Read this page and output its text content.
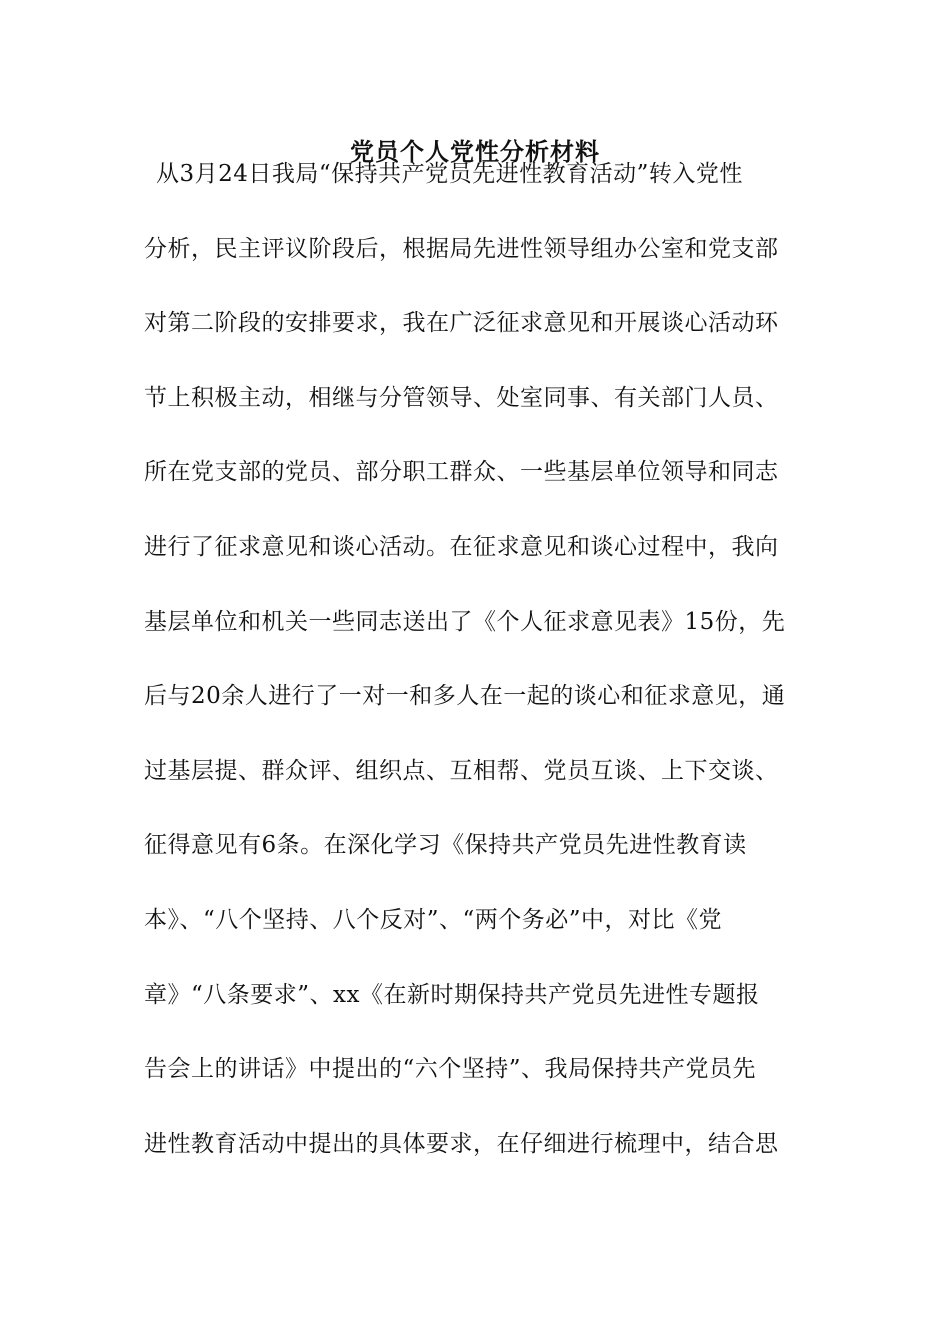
党员个人党性分析材料
从3月24日我局“保持共产党员先进性教育活动”转入党性
分析，民主评议阶段后，根据局先进性领导组办公室和党支部
对第二阶段的安排要求，我在广泛征求意见和开展谈心活动环
节上积极主动，相继与分管领导、处室同事、有关部门人员、
所在党支部的党员、部分职工群众、一些基层单位领导和同志
进行了征求意见和谈心活动。在征求意见和谈心过程中，我向
基层单位和机关一些同志送出了《个人征求意见表》15份，先
后与20余人进行了一对一和多人在一起的谈心和征求意见，通
过基层提、群众评、组织点、互相帮、党员互谈、上下交谈、
征得意见有6条。在深化学习《保持共产党员先进性教育读
本》、“八个坚持、八个反对”、“两个务必”中，对比《党
章》“八条要求”、xx《在新时期保持共产党员先进性专题报
告会上的讲话》中提出的“六个坚持”、我局保持共产党员先
进性教育活动中提出的具体要求，在仔细进行梳理中，结合思
